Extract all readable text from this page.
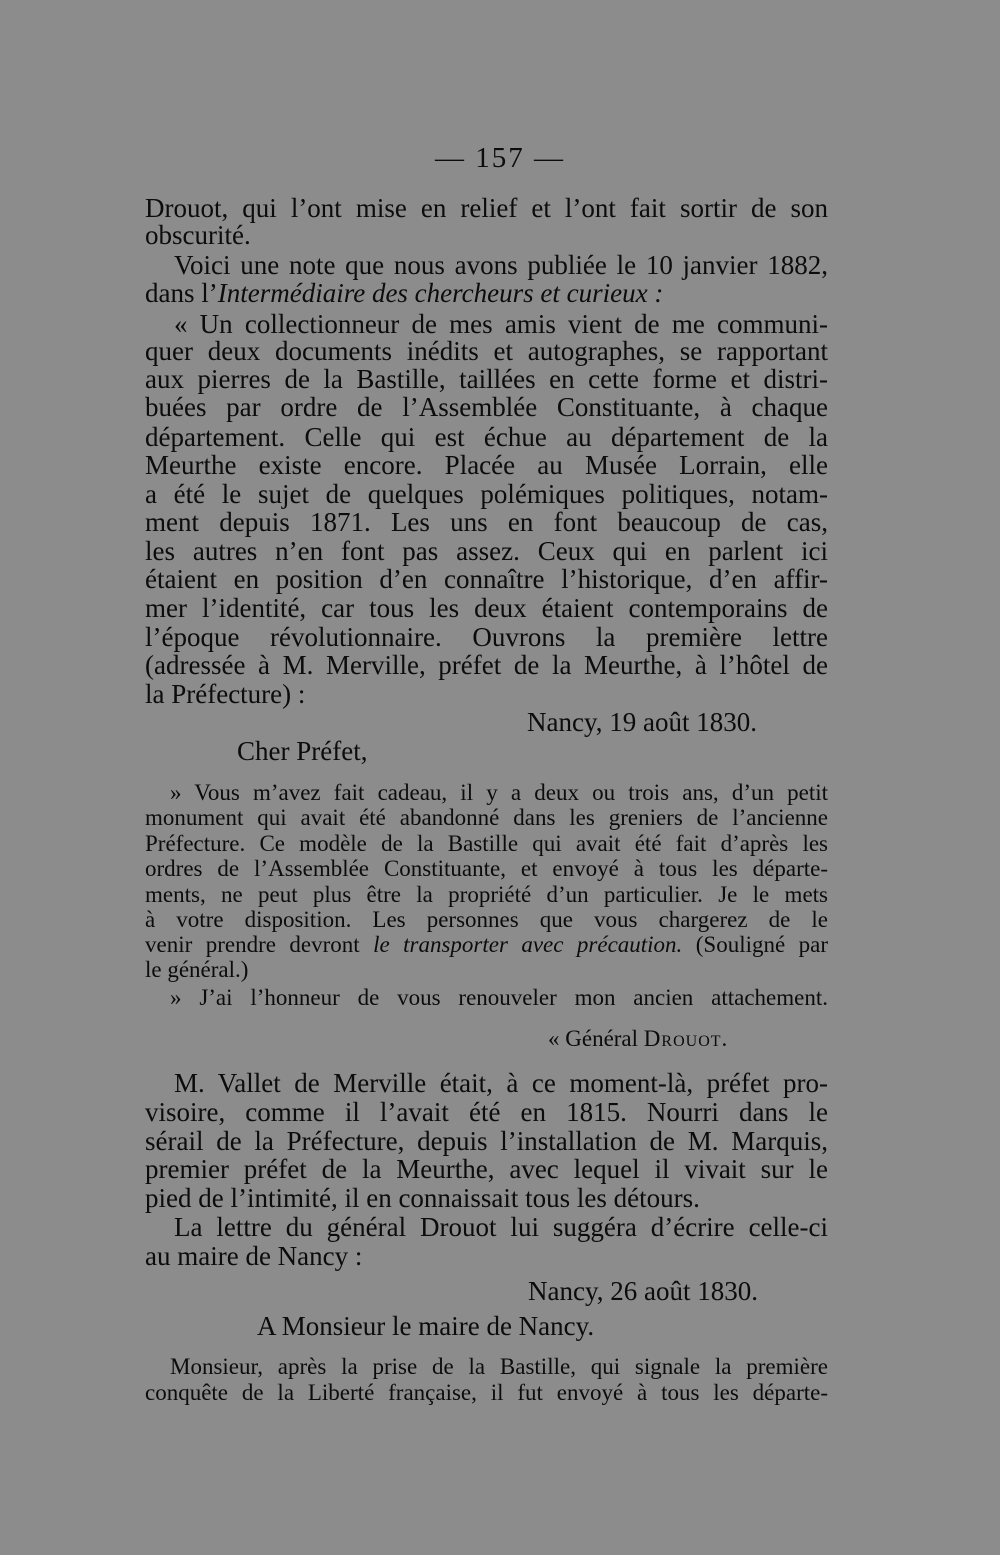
— 157 —

Drouot, qui l’ont mise en relief et l’ont fait sortir de son

obscurité.

Voici une note que nous avons publiée le 10 janvier 1882,

dans l’Intermédiaire des chercheurs et curieux :

« Un collectionneur de mes amis vient de me communi-

quer deux documents inédits et autographes, se rapportant

aux pierres de la Bastille, taillées en cette forme et distri-

buées par ordre de l’Assemblée Constituante, à chaque

département. Celle qui est échue au département de la

Meurthe existe encore. Placée au Musée Lorrain, elle

a été le sujet de quelques polémiques politiques, notam-

ment depuis 1871. Les uns en font beaucoup de cas,

les autres n’en font pas assez. Ceux qui en parlent ici

étaient en position d’en connaître l’historique, d’en affir-

mer l’identité, car tous les deux étaient contemporains de

l’époque révolutionnaire. Ouvrons la première lettre

(adressée à M. Merville, préfet de la Meurthe, à l’hôtel de

la Préfecture) :

Nancy, 19 août 1830.

Cher Préfet,

» Vous m’avez fait cadeau, il y a deux ou trois ans, d’un petit

monument qui avait été abandonné dans les greniers de l’ancienne

Préfecture. Ce modèle de la Bastille qui avait été fait d’après les

ordres de l’Assemblée Constituante, et envoyé à tous les départe-

ments, ne peut plus être la propriété d’un particulier. Je le mets

à votre disposition. Les personnes que vous chargerez de le

venir prendre devront le transporter avec précaution. (Souligné par

le général.)

» J’ai l’honneur de vous renouveler mon ancien attachement.

« Général Drouot.

M. Vallet de Merville était, à ce moment-là, préfet pro-

visoire, comme il l’avait été en 1815. Nourri dans le

sérail de la Préfecture, depuis l’installation de M. Marquis,

premier préfet de la Meurthe, avec lequel il vivait sur le

pied de l’intimité, il en connaissait tous les détours.

La lettre du général Drouot lui suggéra d’écrire celle-ci

au maire de Nancy :

Nancy, 26 août 1830.

A Monsieur le maire de Nancy.

Monsieur, après la prise de la Bastille, qui signale la première

conquête de la Liberté française, il fut envoyé à tous les départe-
